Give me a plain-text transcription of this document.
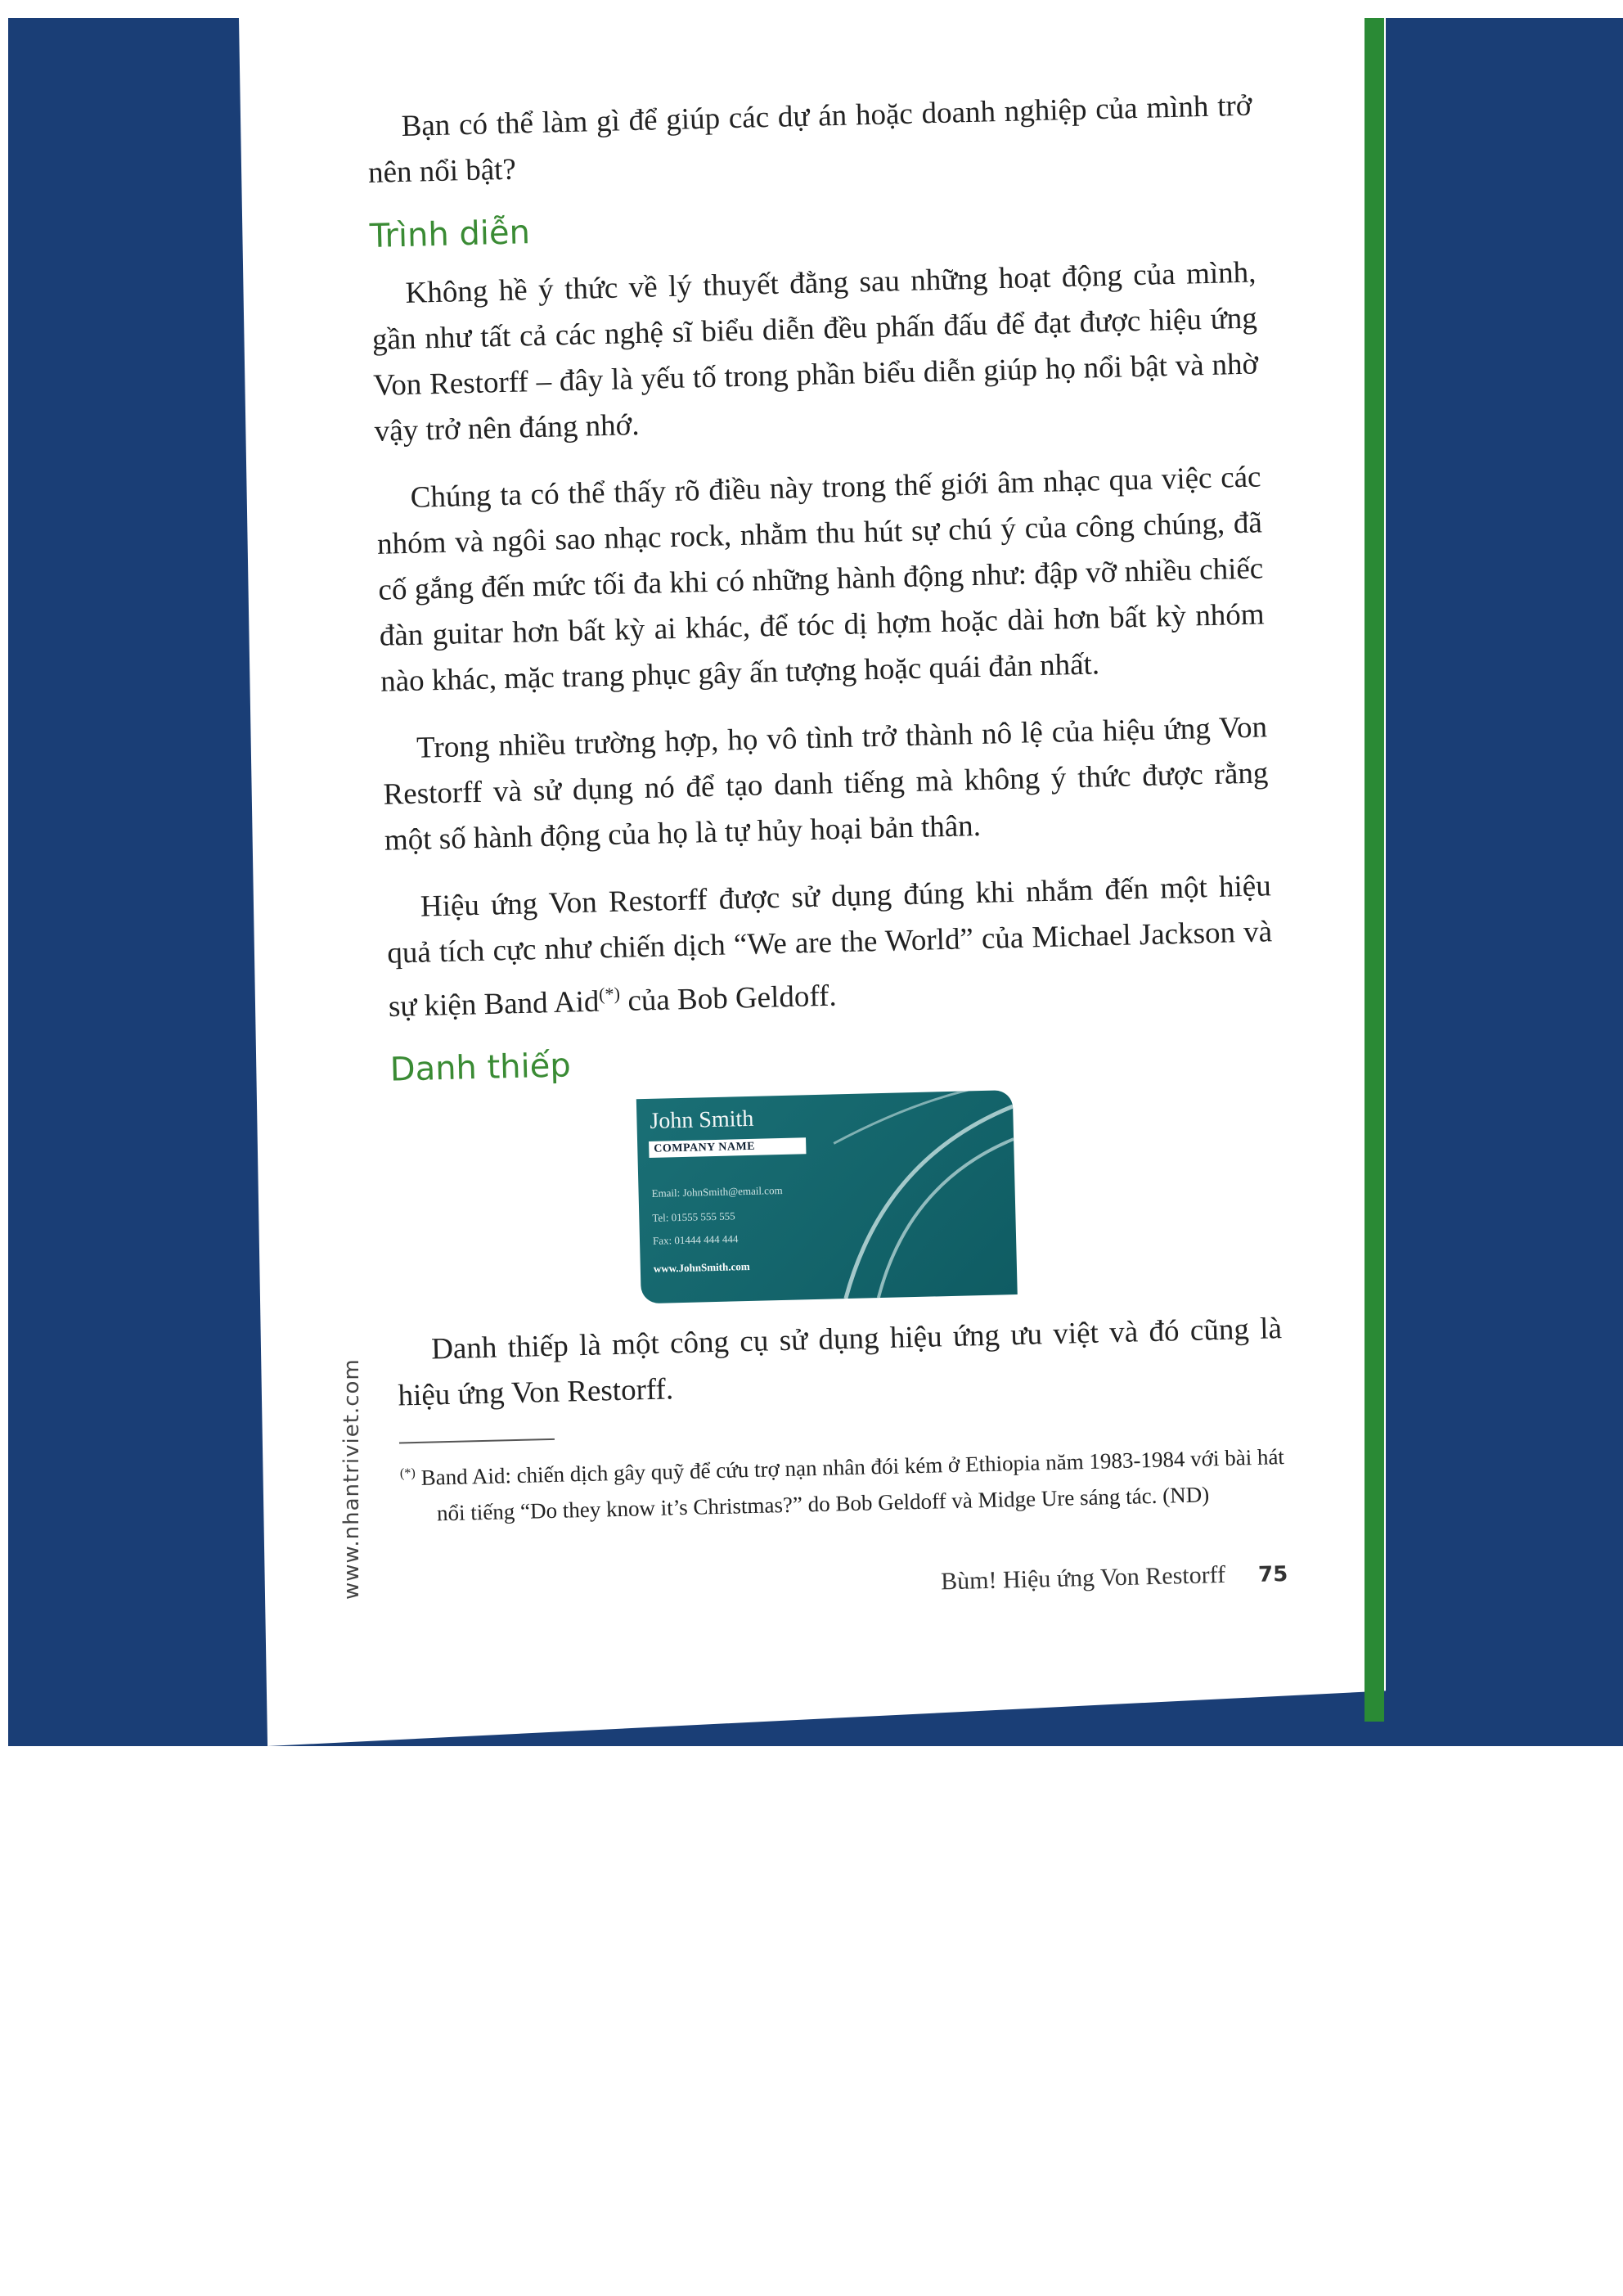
Bạn có thể làm gì để giúp các dự án hoặc doanh nghiệp của mình trở nên nổi bật?

Trình diễn

Không hề ý thức về lý thuyết đằng sau những hoạt động của mình, gần như tất cả các nghệ sĩ biểu diễn đều phấn đấu để đạt được hiệu ứng Von Restorff – đây là yếu tố trong phần biểu diễn giúp họ nổi bật và nhờ vậy trở nên đáng nhớ.

Chúng ta có thể thấy rõ điều này trong thế giới âm nhạc qua việc các nhóm và ngôi sao nhạc rock, nhằm thu hút sự chú ý của công chúng, đã cố gắng đến mức tối đa khi có những hành động như: đập vỡ nhiều chiếc đàn guitar hơn bất kỳ ai khác, để tóc dị hợm hoặc dài hơn bất kỳ nhóm nào khác, mặc trang phục gây ấn tượng hoặc quái đản nhất.

Trong nhiều trường hợp, họ vô tình trở thành nô lệ của hiệu ứng Von Restorff và sử dụng nó để tạo danh tiếng mà không ý thức được rằng một số hành động của họ là tự hủy hoại bản thân.

Hiệu ứng Von Restorff được sử dụng đúng khi nhắm đến một hiệu quả tích cực như chiến dịch “We are the World” của Michael Jackson và sự kiện Band Aid(*) của Bob Geldoff.

Danh thiếp
John Smith
COMPANY NAME
Email: JohnSmith@email.com
Tel: 01555 555 555
Fax: 01444 444 444
www.JohnSmith.com

Danh thiếp là một công cụ sử dụng hiệu ứng ưu việt và đó cũng là hiệu ứng Von Restorff.

(*) Band Aid: chiến dịch gây quỹ để cứu trợ nạn nhân đói kém ở Ethiopia năm 1983-1984 với bài hát nổi tiếng “Do they know it’s Christmas?” do Bob Geldoff và Midge Ure sáng tác. (ND)

Bùm! Hiệu ứng Von Restorff 75
www.nhantriviet.com
